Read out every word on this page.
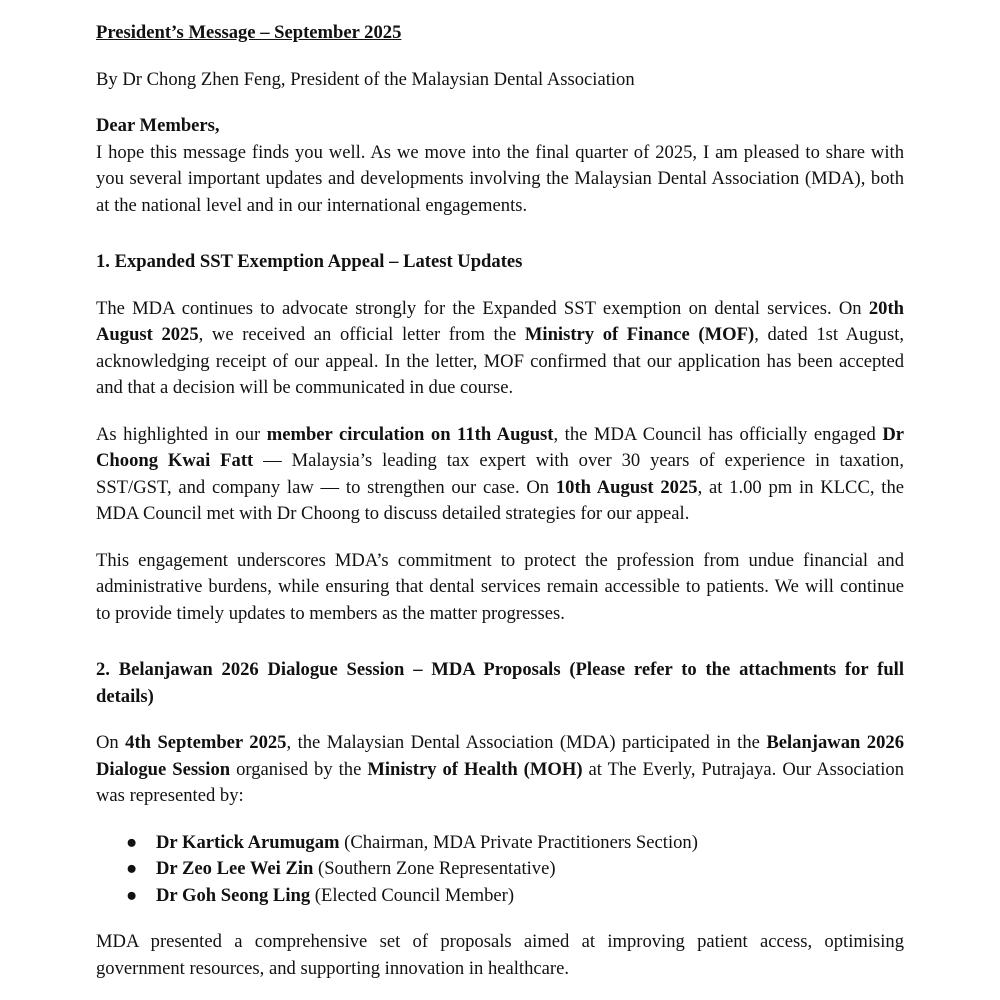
President’s Message – September 2025

By Dr Chong Zhen Feng, President of the Malaysian Dental Association

Dear Members,

I hope this message finds you well. As we move into the final quarter of 2025, I am pleased to share with you several important updates and developments involving the Malaysian Dental Association (MDA), both at the national level and in our international engagements.

1. Expanded SST Exemption Appeal – Latest Updates

The MDA continues to advocate strongly for the Expanded SST exemption on dental services. On 20th August 2025, we received an official letter from the Ministry of Finance (MOF), dated 1st August, acknowledging receipt of our appeal. In the letter, MOF confirmed that our application has been accepted and that a decision will be communicated in due course.

As highlighted in our member circulation on 11th August, the MDA Council has officially engaged Dr Choong Kwai Fatt — Malaysia’s leading tax expert with over 30 years of experience in taxation, SST/GST, and company law — to strengthen our case. On 10th August 2025, at 1.00 pm in KLCC, the MDA Council met with Dr Choong to discuss detailed strategies for our appeal.

This engagement underscores MDA’s commitment to protect the profession from undue financial and administrative burdens, while ensuring that dental services remain accessible to patients. We will continue to provide timely updates to members as the matter progresses.

2. Belanjawan 2026 Dialogue Session – MDA Proposals (Please refer to the attachments for full details)

On 4th September 2025, the Malaysian Dental Association (MDA) participated in the Belanjawan 2026 Dialogue Session organised by the Ministry of Health (MOH) at The Everly, Putrajaya. Our Association was represented by:

● Dr Kartick Arumugam (Chairman, MDA Private Practitioners Section)
● Dr Zeo Lee Wei Zin (Southern Zone Representative)
● Dr Goh Seong Ling (Elected Council Member)

MDA presented a comprehensive set of proposals aimed at improving patient access, optimising government resources, and supporting innovation in healthcare.
